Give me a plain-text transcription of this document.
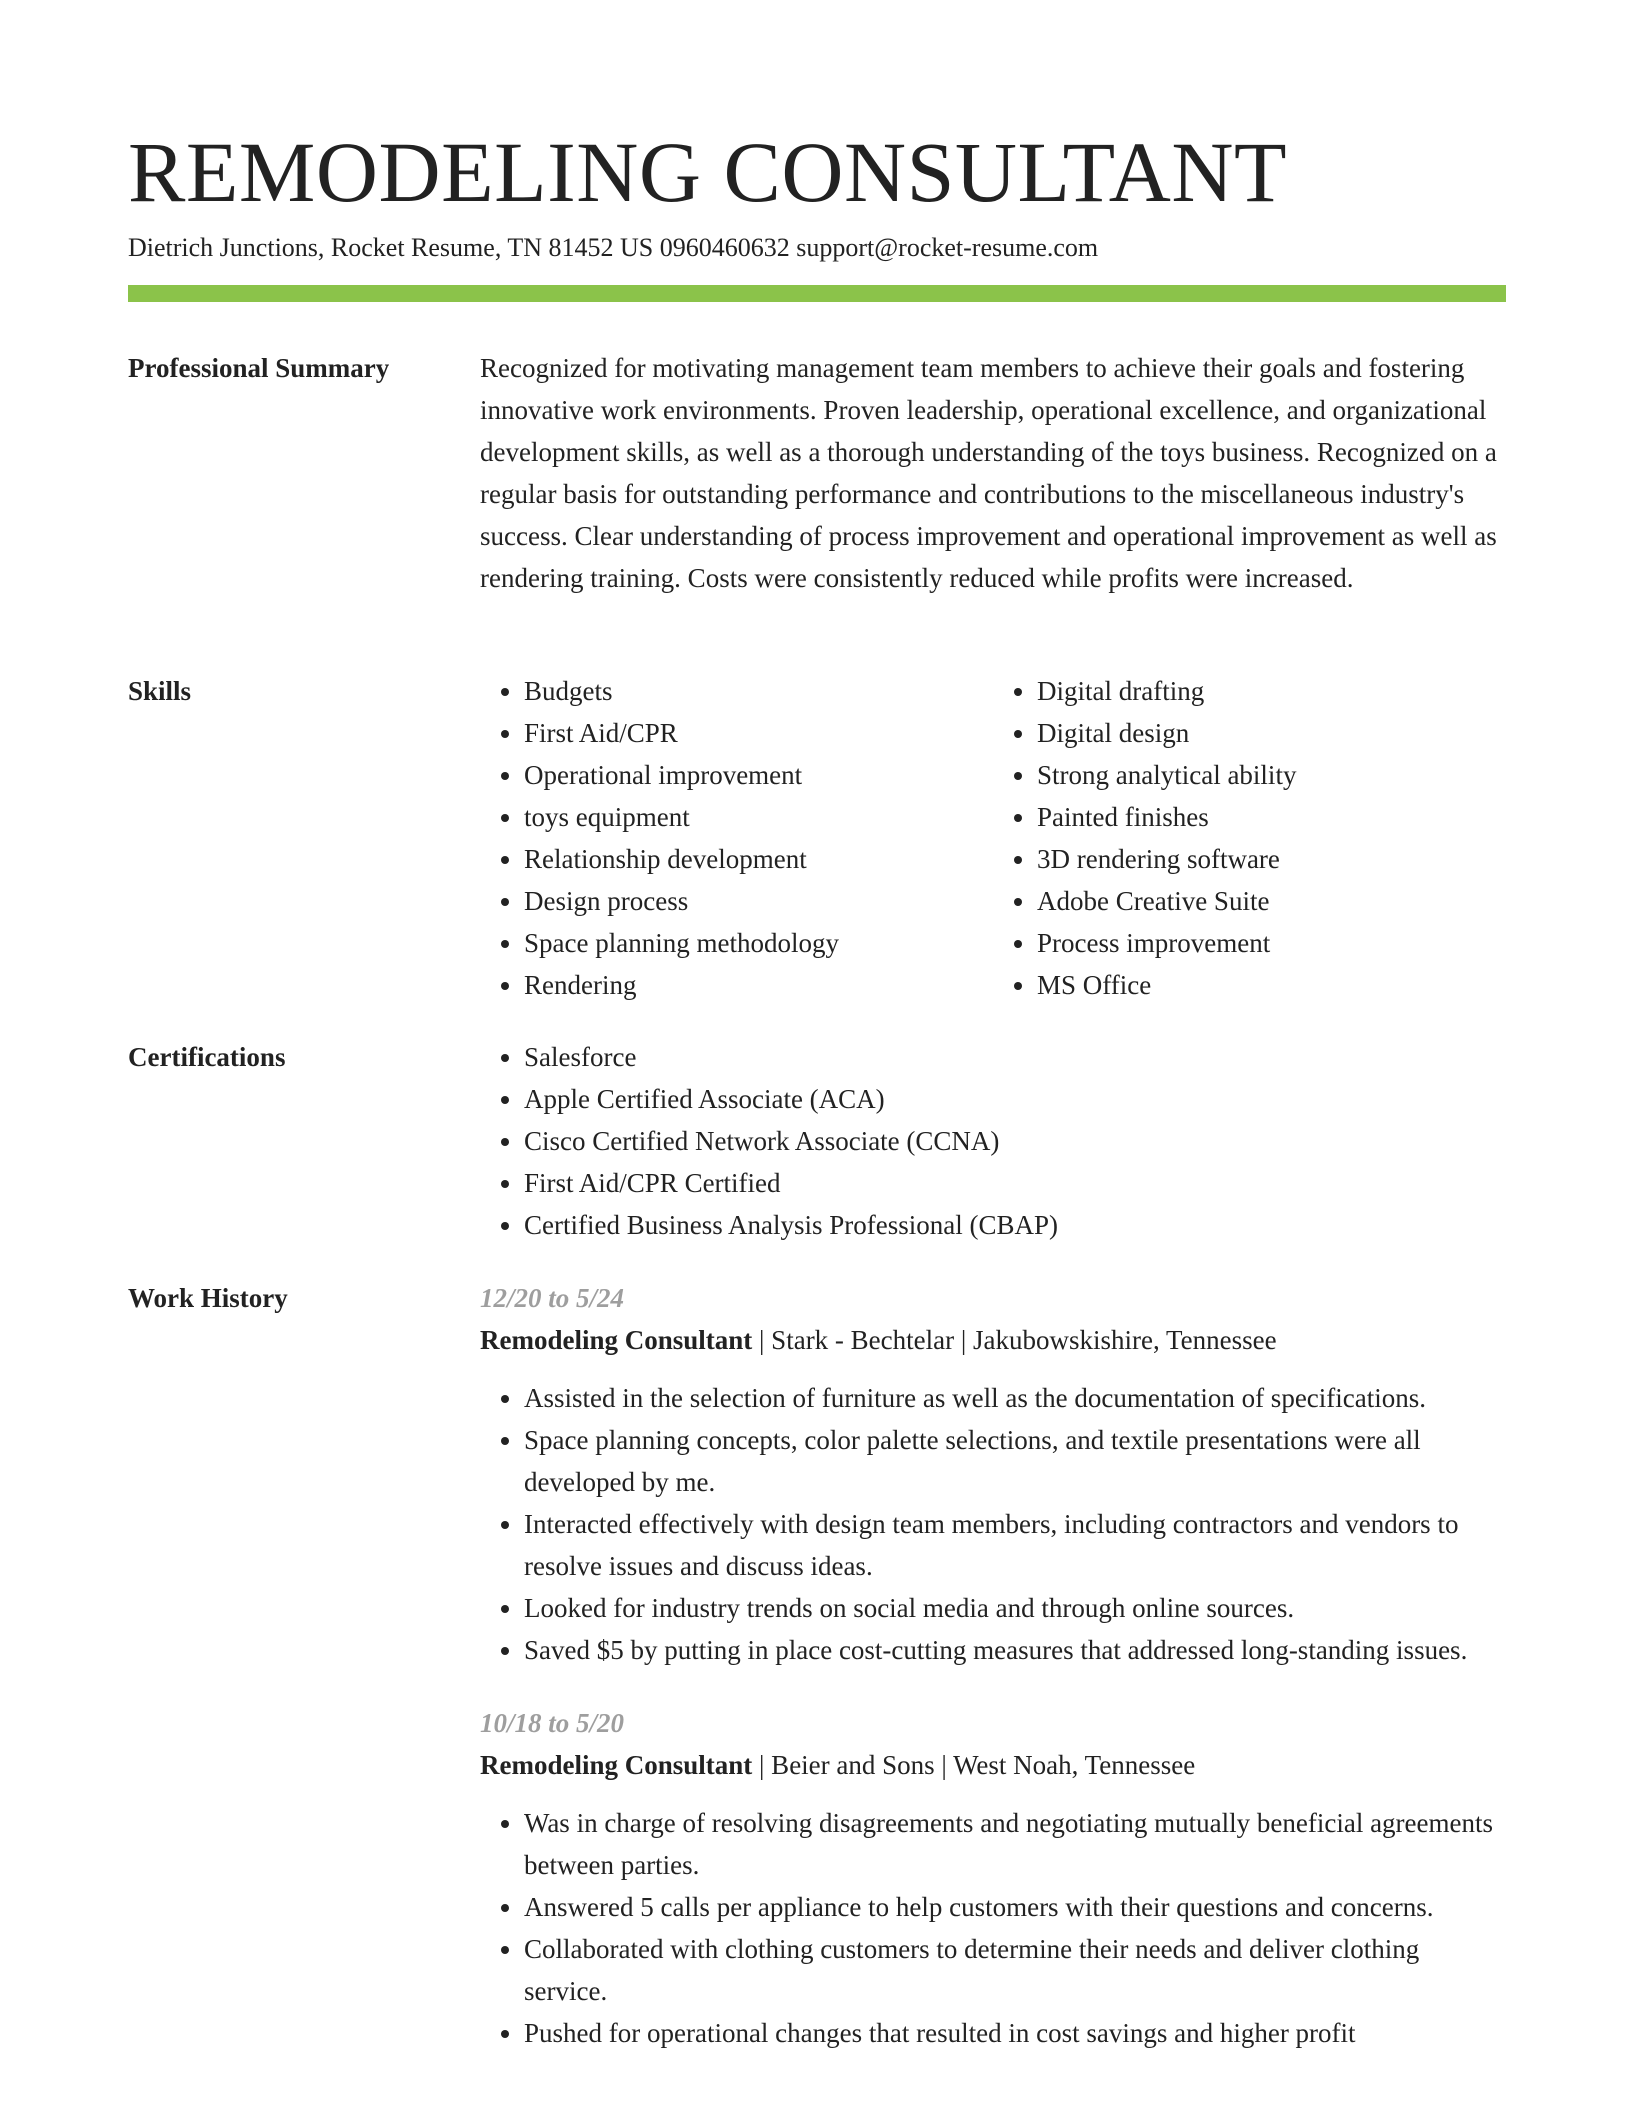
REMODELING CONSULTANT
Dietrich Junctions, Rocket Resume, TN 81452 US 0960460632 support@rocket-resume.com
Professional Summary	Recognized for motivating management team members to achieve their goals and fostering innovative work environments. Proven leadership, operational excellence, and organizational development skills, as well as a thorough understanding of the toys business. Recognized on a regular basis for outstanding performance and contributions to the miscellaneous industry's success. Clear understanding of process improvement and operational improvement as well as rendering training. Costs were consistently reduced while profits were increased.

Skills	• Budgets
• First Aid/CPR
• Operational improvement
• toys equipment
• Relationship development
• Design process
• Space planning methodology
• Rendering
• Digital drafting
• Digital design
• Strong analytical ability
• Painted finishes
• 3D rendering software
• Adobe Creative Suite
• Process improvement
• MS Office
Certifications	• Salesforce
• Apple Certified Associate (ACA)
• Cisco Certified Network Associate (CCNA)
• First Aid/CPR Certified
• Certified Business Analysis Professional (CBAP)
Work History	12/20 to 5/24
Remodeling Consultant | Stark - Bechtelar | Jakubowskishire, Tennessee
• Assisted in the selection of furniture as well as the documentation of specifications.
• Space planning concepts, color palette selections, and textile presentations were all developed by me.
• Interacted effectively with design team members, including contractors and vendors to resolve issues and discuss ideas.
• Looked for industry trends on social media and through online sources.
• Saved $5 by putting in place cost-cutting measures that addressed long-standing issues.
10/18 to 5/20
Remodeling Consultant | Beier and Sons | West Noah, Tennessee
• Was in charge of resolving disagreements and negotiating mutually beneficial agreements between parties.
• Answered 5 calls per appliance to help customers with their questions and concerns.
• Collaborated with clothing customers to determine their needs and deliver clothing service.
• Pushed for operational changes that resulted in cost savings and higher profit
